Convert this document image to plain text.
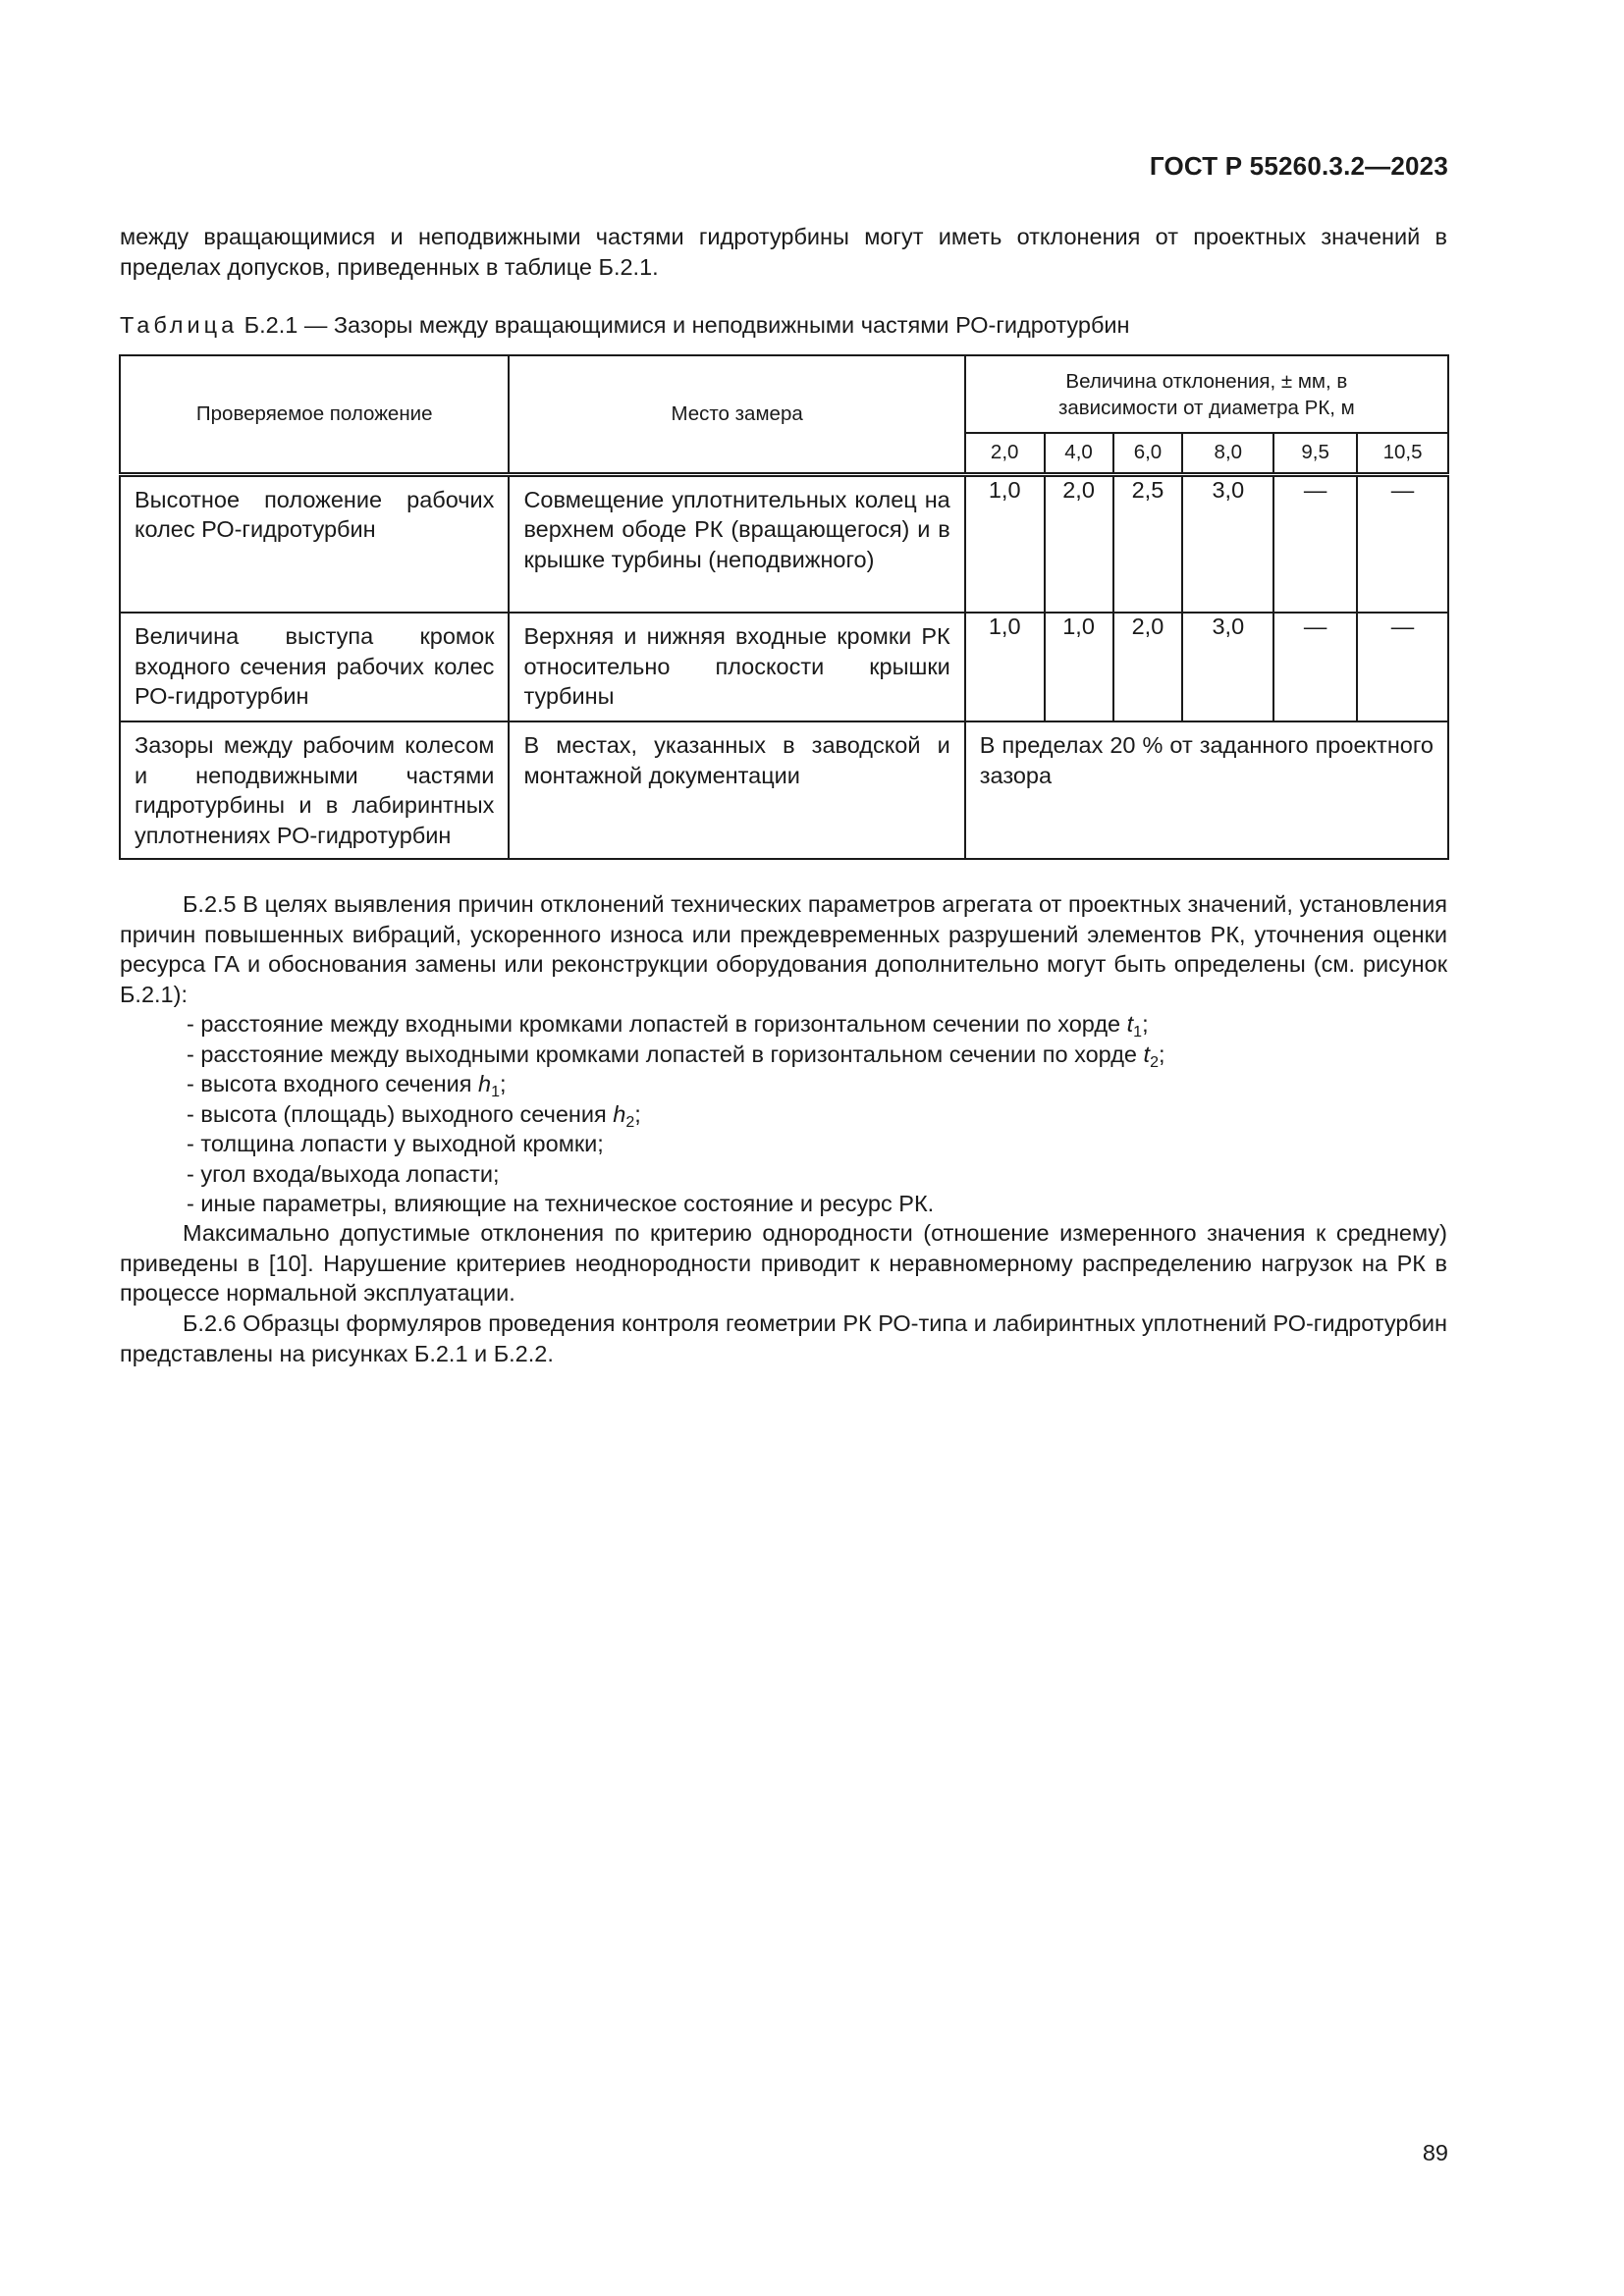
ГОСТ Р 55260.3.2—2023
между вращающимися и неподвижными частями гидротурбины могут иметь отклонения от проектных значений в пределах допусков, приведенных в таблице Б.2.1.
Таблица Б.2.1 — Зазоры между вращающимися и неподвижными частями РО-гидротурбин
Проверяемое положение	Место замера	Величина отклонения, ± мм, в зависимости от диаметра РК, м					
		2,0	4,0	6,0	8,0	9,5	10,5

Высотное положение рабочих колес РО-гидротурбин	Совмещение уплотнительных колец на верхнем ободе РК (вращающегося) и в крышке турбины (неподвижного)	1,0	2,0	2,5	3,0	—	—

Величина выступа кромок входного сечения рабочих колес РО-гидротурбин	Верхняя и нижняя входные кромки РК относительно плоскости крышки турбины	1,0	1,0	2,0	3,0	—	—

Зазоры между рабочим колесом и неподвижными частями гидротурбины и в лабиринтных уплотнениях РО-гидротурбин	В местах, указанных в заводской и монтажной документации	В пределах 20 % от заданного проектного зазора					
Б.2.5 В целях выявления причин отклонений технических параметров агрегата от проектных значений, установления причин повышенных вибраций, ускоренного износа или преждевременных разрушений элементов РК, уточнения оценки ресурса ГА и обоснования замены или реконструкции оборудования дополнительно могут быть определены (см. рисунок Б.2.1):
- расстояние между входными кромками лопастей в горизонтальном сечении по хорде $t_1$;
- расстояние между выходными кромками лопастей в горизонтальном сечении по хорде $t_2$;
- высота входного сечения $h_1$;
- высота (площадь) выходного сечения $h_2$;
- толщина лопасти у выходной кромки;
- угол входа/выхода лопасти;
- иные параметры, влияющие на техническое состояние и ресурс РК.
Максимально допустимые отклонения по критерию однородности (отношение измеренного значения к среднему) приведены в [10]. Нарушение критериев неоднородности приводит к неравномерному распределению нагрузок на РК в процессе нормальной эксплуатации.
Б.2.6 Образцы формуляров проведения контроля геометрии РК РО-типа и лабиринтных уплотнений РО-гидротурбин представлены на рисунках Б.2.1 и Б.2.2.
89
